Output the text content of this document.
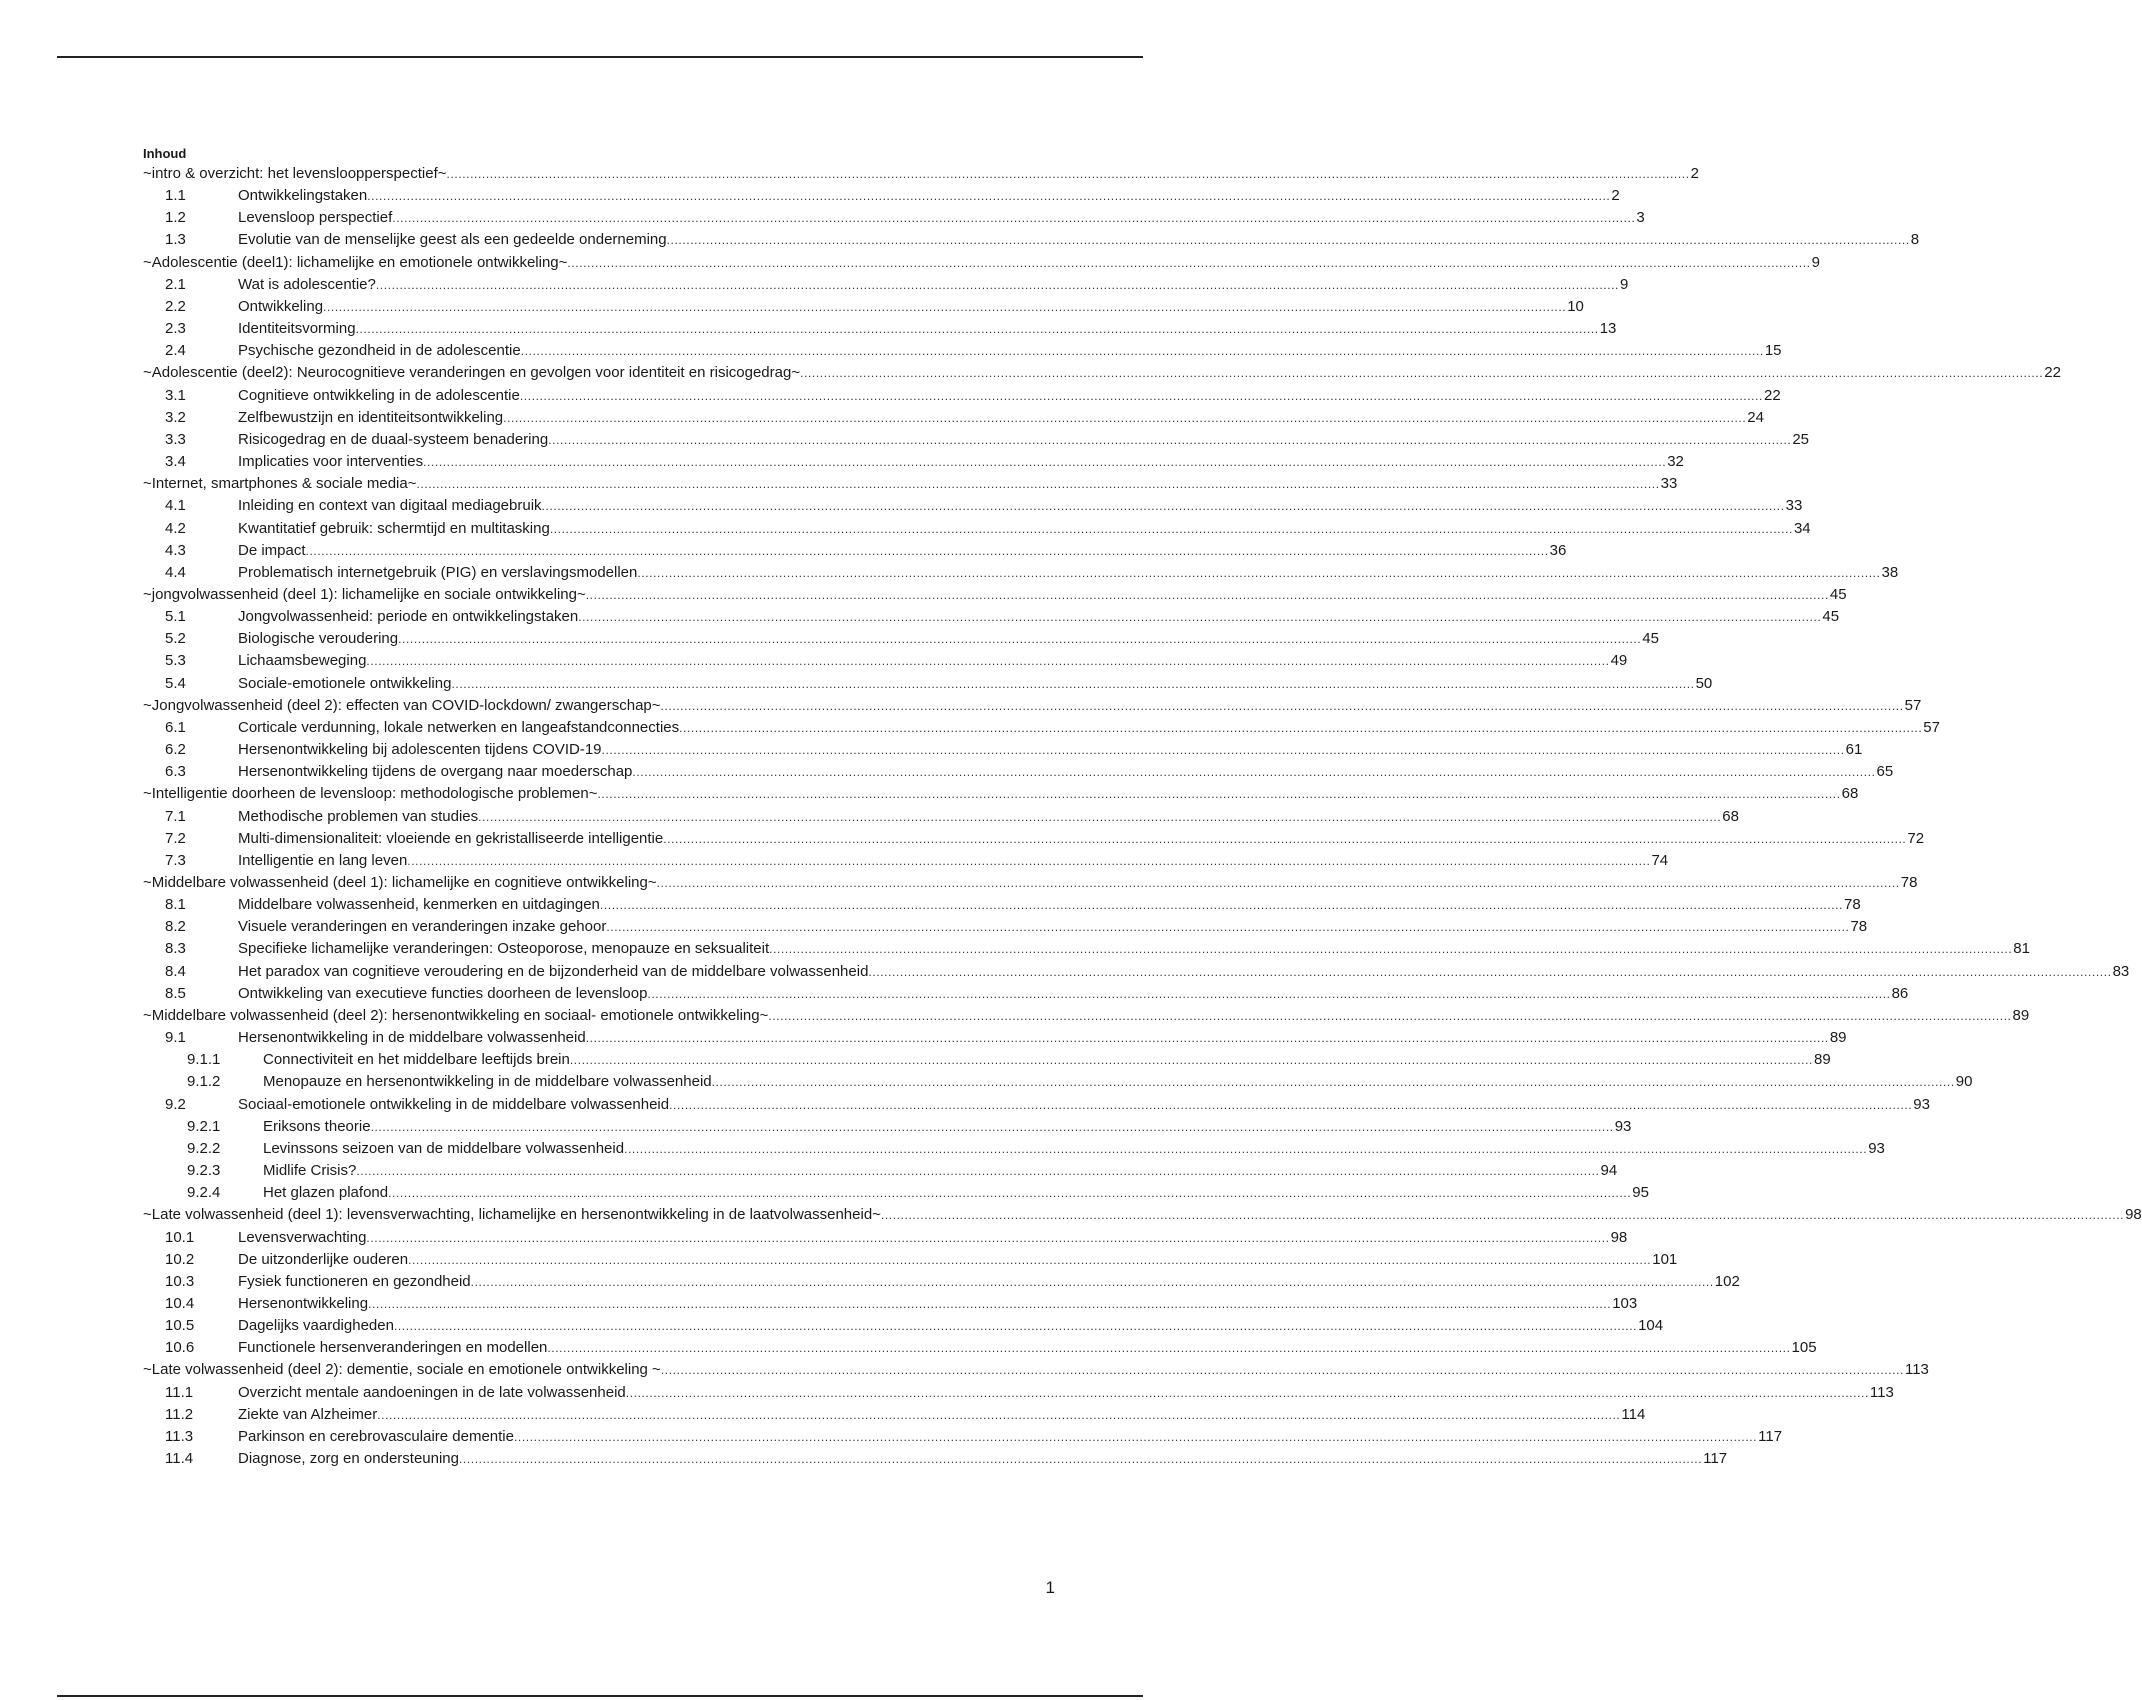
Inhoud
~intro & overzicht: het levensloopperspectief~ .....	2
1.1	Ontwikkelingstaken .....	2
1.2	Levensloop perspectief .....	3
1.3	Evolutie van de menselijke geest als een gedeelde onderneming .....	8
~Adolescentie (deel1): lichamelijke en emotionele ontwikkeling~ .....	9
2.1	Wat is adolescentie? .....	9
2.2	Ontwikkeling .....	10
2.3	Identiteitsvorming .....	13
2.4	Psychische gezondheid in de adolescentie .....	15
~Adolescentie (deel2): Neurocognitieve veranderingen en gevolgen voor identiteit en risicogedrag~ .....	22
3.1	Cognitieve ontwikkeling in de adolescentie .....	22
3.2	Zelfbewustzijn en identiteitsontwikkeling .....	24
3.3	Risicogedrag en de duaal-systeem benadering .....	25
3.4	Implicaties voor interventies .....	32
~Internet, smartphones & sociale media~ .....	33
4.1	Inleiding en context van digitaal mediagebruik .....	33
4.2	Kwantitatief gebruik: schermtijd en multitasking .....	34
4.3	De impact .....	36
4.4	Problematisch internetgebruik (PIG) en verslavingsmodellen .....	38
~jongvolwassenheid (deel 1): lichamelijke en sociale ontwikkeling~ .....	45
5.1	Jongvolwassenheid: periode en ontwikkelingstaken .....	45
5.2	Biologische veroudering .....	45
5.3	Lichaamsbeweging .....	49
5.4	Sociale-emotionele ontwikkeling .....	50
~Jongvolwassenheid (deel 2): effecten van COVID-lockdown/ zwangerschap~ .....	57
6.1	Corticale verdunning, lokale netwerken en langeafstandconnecties .....	57
6.2	Hersenontwikkeling bij adolescenten tijdens COVID-19 .....	61
6.3	Hersenontwikkeling tijdens de overgang naar moederschap .....	65
~Intelligentie doorheen de levensloop: methodologische problemen~ .....	68
7.1	Methodische problemen van studies .....	68
7.2	Multi-dimensionaliteit: vloeiende en gekristalliseerde intelligentie .....	72
7.3	Intelligentie en lang leven .....	74
~Middelbare volwassenheid (deel 1): lichamelijke en cognitieve ontwikkeling~ .....	78
8.1	Middelbare volwassenheid, kenmerken en uitdagingen .....	78
8.2	Visuele veranderingen en veranderingen inzake gehoor .....	78
8.3	Specifieke lichamelijke veranderingen: Osteoporose, menopauze en seksualiteit .....	81
8.4	Het paradox van cognitieve veroudering en de bijzonderheid van de middelbare volwassenheid .....	83
8.5	Ontwikkeling van executieve functies doorheen de levensloop .....	86
~Middelbare volwassenheid (deel 2): hersenontwikkeling en sociaal- emotionele ontwikkeling~ .....	89
9.1	Hersenontwikkeling in de middelbare volwassenheid .....	89
9.1.1	Connectiviteit en het middelbare leeftijds brein .....	89
9.1.2	Menopauze en hersenontwikkeling in de middelbare volwassenheid .....	90
9.2	Sociaal-emotionele ontwikkeling in de middelbare volwassenheid .....	93
9.2.1	Eriksons theorie .....	93
9.2.2	Levinssons seizoen van de middelbare volwassenheid .....	93
9.2.3	Midlife Crisis? .....	94
9.2.4	Het glazen plafond .....	95
~Late volwassenheid (deel 1): levensverwachting, lichamelijke en hersenontwikkeling in de laatvolwassenheid~ .....	98
10.1	Levensverwachting .....	98
10.2	De uitzonderlijke ouderen .....	101
10.3	Fysiek functioneren en gezondheid .....	102
10.4	Hersenontwikkeling .....	103
10.5	Dagelijks vaardigheden .....	104
10.6	Functionele hersenveranderingen en modellen .....	105
~Late volwassenheid (deel 2): dementie, sociale en emotionele ontwikkeling ~ .....	113
11.1	Overzicht mentale aandoeningen in de late volwassenheid .....	113
11.2	Ziekte van Alzheimer .....	114
11.3	Parkinson en cerebrovasculaire dementie .....	117
11.4	Diagnose, zorg en ondersteuning .....	117
1
